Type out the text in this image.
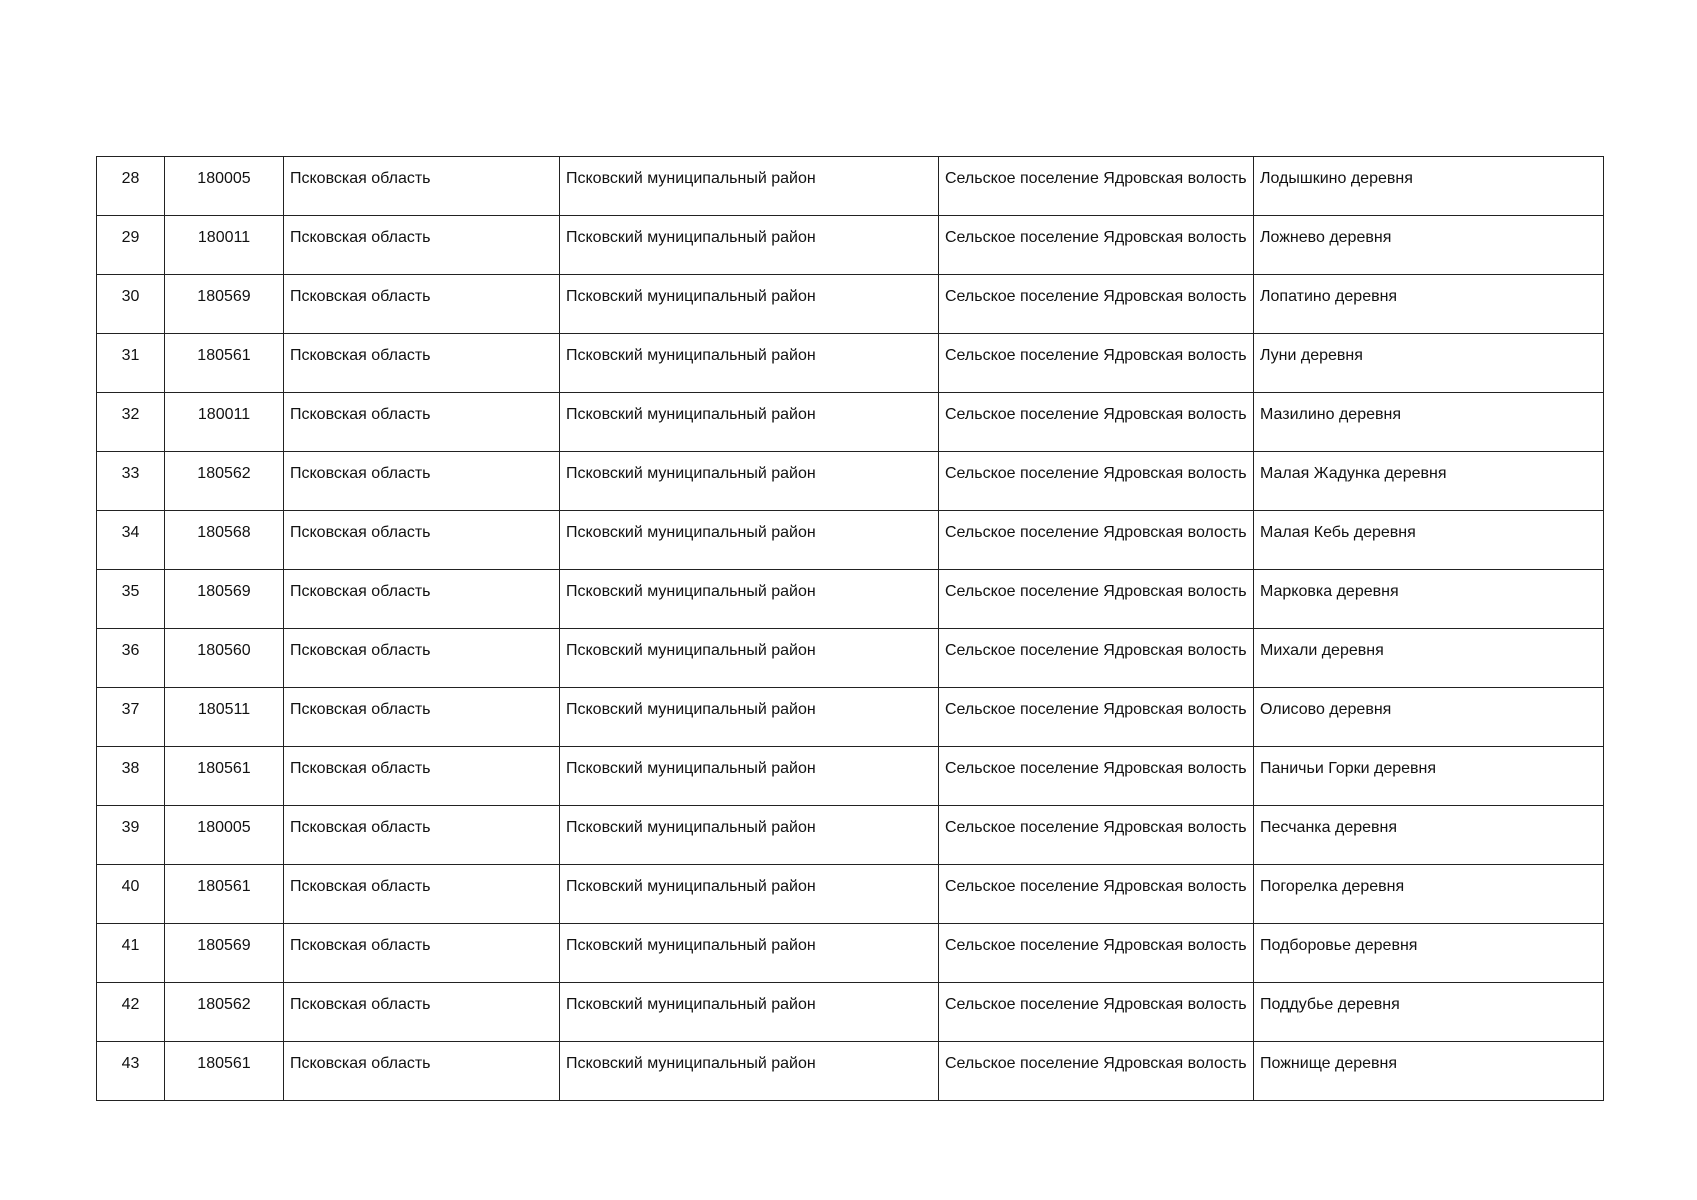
28	180005	Псковская область	Псковский муниципальный район	Сельское поселение Ядровская волость	Лодышкино деревня
29	180011	Псковская область	Псковский муниципальный район	Сельское поселение Ядровская волость	Ложнево деревня
30	180569	Псковская область	Псковский муниципальный район	Сельское поселение Ядровская волость	Лопатино деревня
31	180561	Псковская область	Псковский муниципальный район	Сельское поселение Ядровская волость	Луни деревня
32	180011	Псковская область	Псковский муниципальный район	Сельское поселение Ядровская волость	Мазилино деревня
33	180562	Псковская область	Псковский муниципальный район	Сельское поселение Ядровская волость	Малая Жадунка деревня
34	180568	Псковская область	Псковский муниципальный район	Сельское поселение Ядровская волость	Малая Кебь деревня
35	180569	Псковская область	Псковский муниципальный район	Сельское поселение Ядровская волость	Марковка деревня
36	180560	Псковская область	Псковский муниципальный район	Сельское поселение Ядровская волость	Михали деревня
37	180511	Псковская область	Псковский муниципальный район	Сельское поселение Ядровская волость	Олисово деревня
38	180561	Псковская область	Псковский муниципальный район	Сельское поселение Ядровская волость	Паничьи Горки деревня
39	180005	Псковская область	Псковский муниципальный район	Сельское поселение Ядровская волость	Песчанка деревня
40	180561	Псковская область	Псковский муниципальный район	Сельское поселение Ядровская волость	Погорелка деревня
41	180569	Псковская область	Псковский муниципальный район	Сельское поселение Ядровская волость	Подборовье деревня
42	180562	Псковская область	Псковский муниципальный район	Сельское поселение Ядровская волость	Поддубье деревня
43	180561	Псковская область	Псковский муниципальный район	Сельское поселение Ядровская волость	Пожнище деревня
